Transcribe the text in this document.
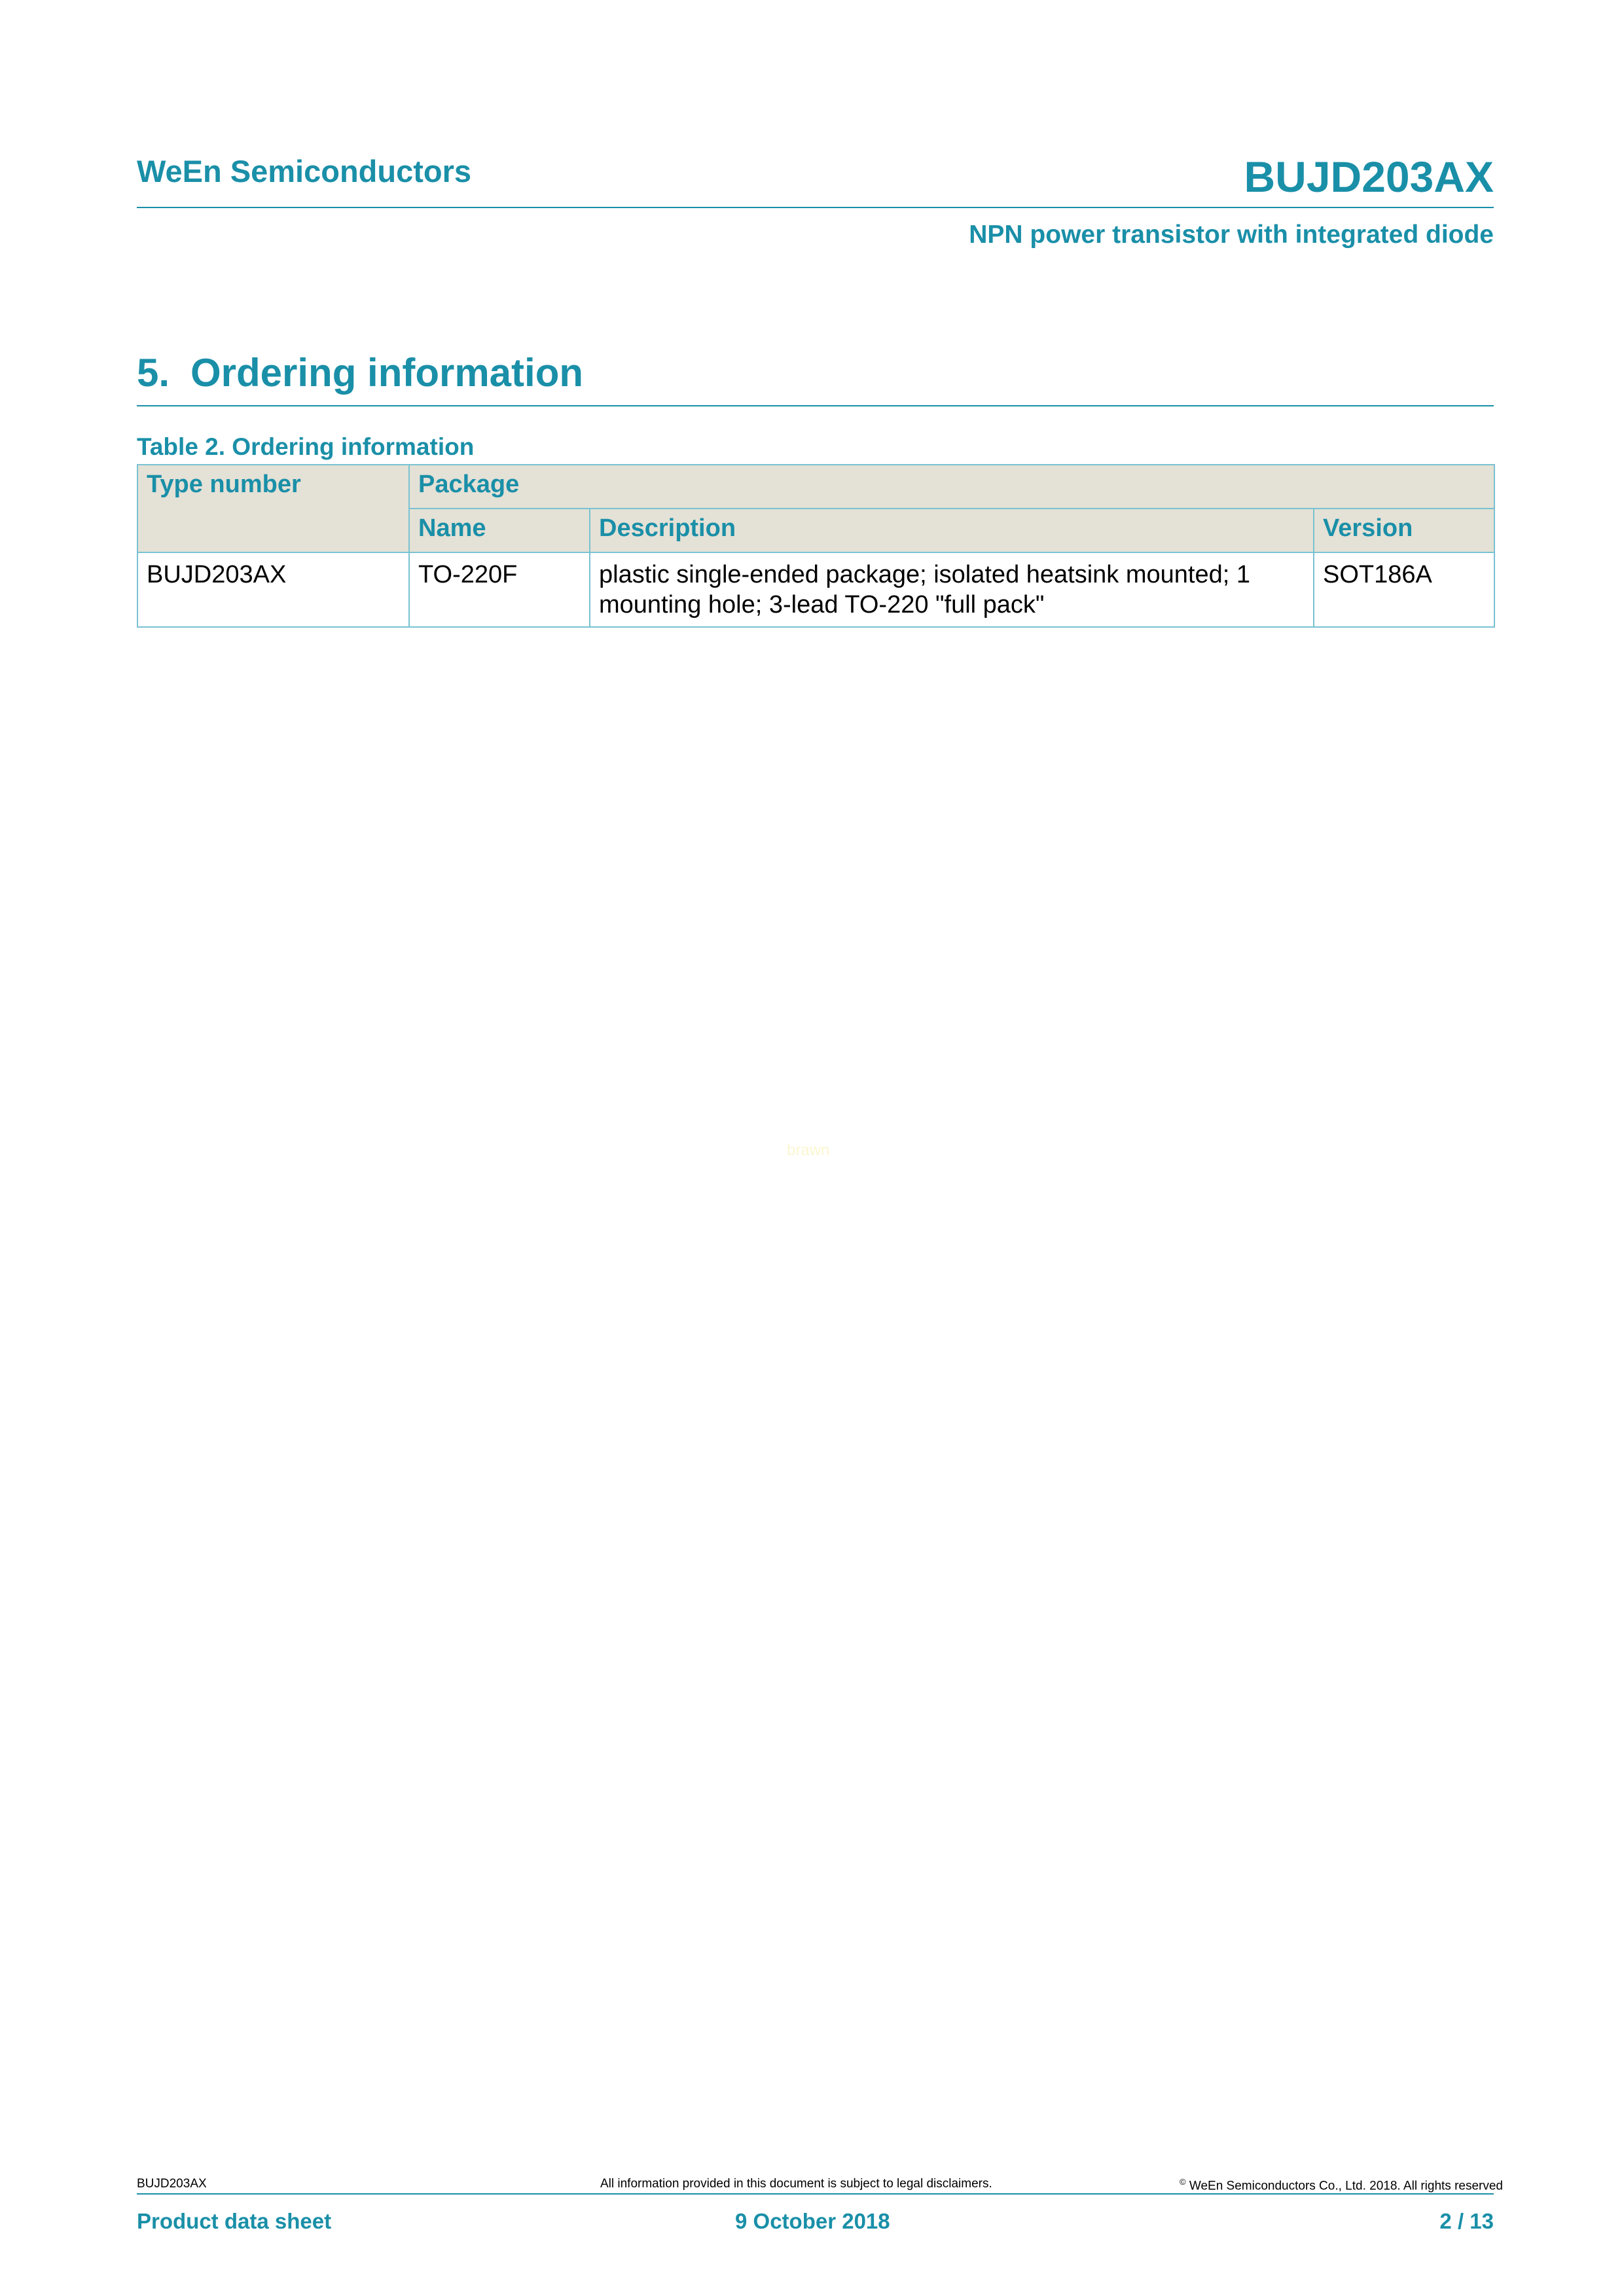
WeEn Semiconductors	BUJD203AX
NPN power transistor with integrated diode
5. Ordering information
Table 2. Ordering information
Type number	Package		
	Name	Description	Version
BUJD203AX	TO-220F	plastic single-ended package; isolated heatsink mounted; 1 mounting hole; 3-lead TO-220 "full pack"	SOT186A
brawn
BUJD203AX	All information provided in this document is subject to legal disclaimers.	© WeEn Semiconductors Co., Ltd. 2018. All rights reserved
Product data sheet	9 October 2018	2 / 13
